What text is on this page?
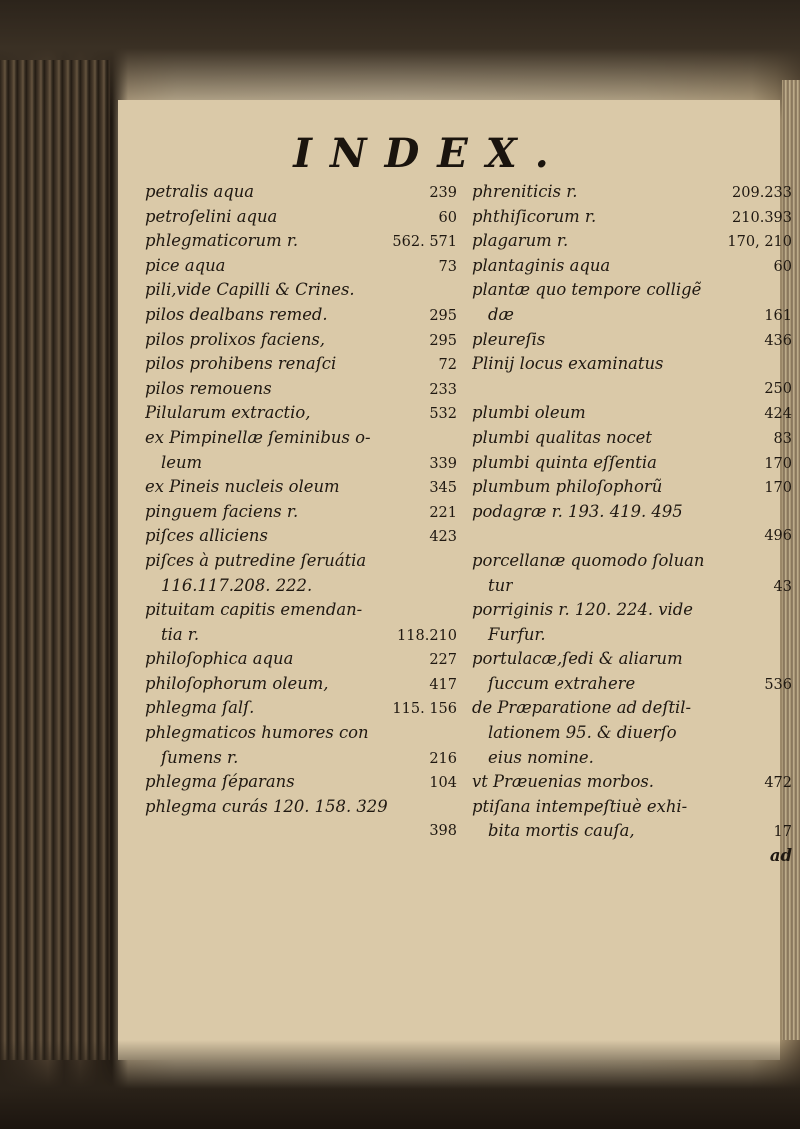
INDEX.
petralis aqua	239
petroſelini aqua	60
phlegmaticorum r.	562. 571
pice aqua	73
pili,vide Capilli & Crines.
pilos dealbans remed.	295
pilos prolixos faciens,	295
pilos prohibens renaſci	72
pilos remouens	233
Pilularum extractio,	532
ex Pimpinellæ ſeminibus o-
leum	339
ex Pineis nucleis oleum	345
pinguem faciens r.	221
piſces alliciens	423
piſces à putredine ſeruátia
116.117.208. 222.
pituitam capitis emendan-
tia r.	118.210
philoſophica aqua	227
philoſophorum oleum,	417
phlegma ſalſ.	115. 156
phlegmaticos humores con
ſumens r.	216
phlegma ſéparans	104
phlegma curás 120. 158. 329
398
phreniticis r.	209.233
phthiſicorum r.	210.393
plagarum r.	170, 210
plantaginis aqua	60
plantæ quo tempore colligẽ
dæ	161
pleureſis	436
Plinij locus examinatus
250
plumbi oleum	424
plumbi qualitas nocet	83
plumbi quinta eſſentia	170
plumbum philoſophorũ	170
podagræ r. 193. 419. 495
496
porcellanæ quomodo ſoluan
tur	43
porriginis r. 120. 224. vide
Furfur.
portulacæ,ſedi & aliarum
ſuccum extrahere	536
de Præparatione ad deſtil-
lationem 95. & diuerſo
eius nomine.
vt Præuenias morbos.	472
ptiſana intempeſtiuè exhi-
bita mortis cauſa,	17
ad
